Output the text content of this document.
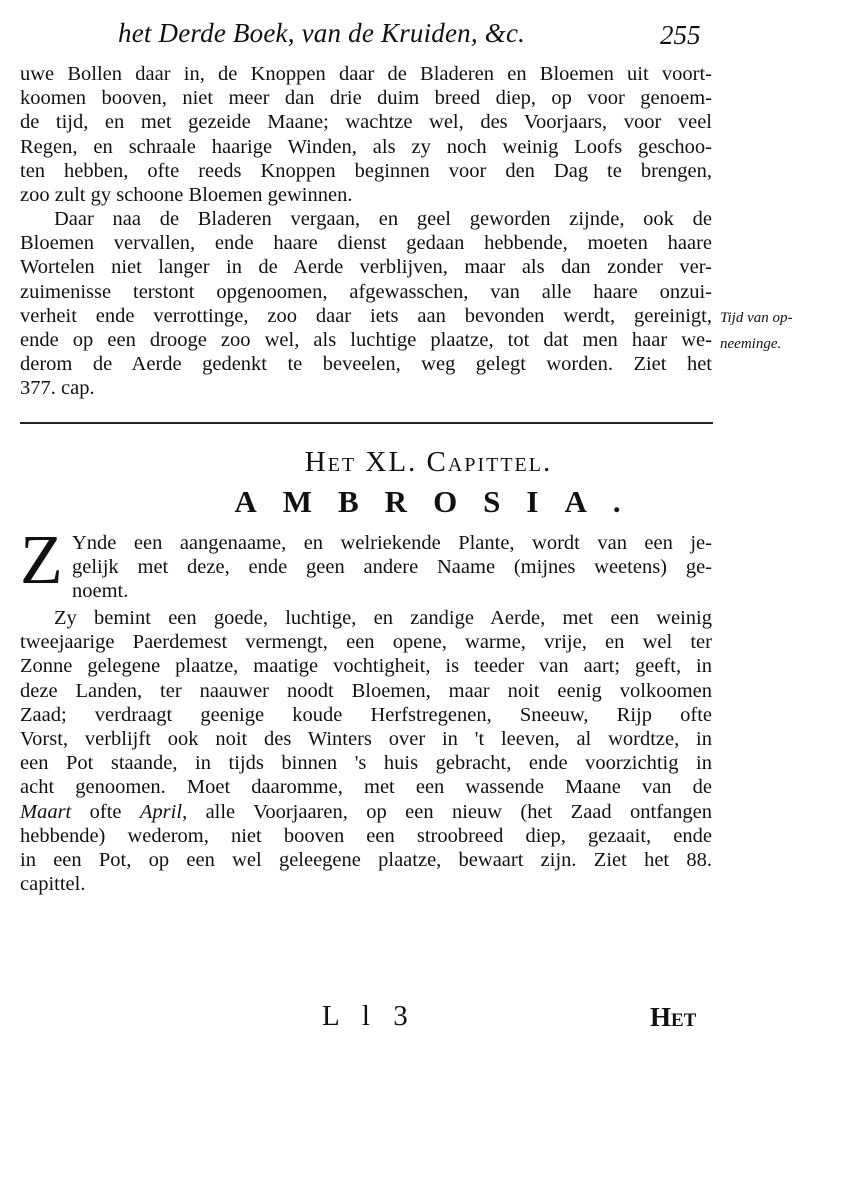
het Derde Boek, van de Kruiden, &c.	255
uwe Bollen daar in, de Knoppen daar de Bladeren en Bloemen uit voort-
koomen booven, niet meer dan drie duim breed diep, op voor genoem-
de tijd, en met gezeide Maane; wachtze wel, des Voorjaars, voor veel
Regen, en schraale haarige Winden, als zy noch weinig Loofs geschoo-
ten hebben, ofte reeds Knoppen beginnen voor den Dag te brengen,
zoo zult gy schoone Bloemen gewinnen.
Daar naa de Bladeren vergaan, en geel geworden zijnde, ook de
Bloemen vervallen, ende haare dienst gedaan hebbende, moeten haare
Wortelen niet langer in de Aerde verblijven, maar als dan zonder ver-
zuimenisse terstont opgenoomen, afgewasschen, van alle haare onzui-
verheit ende verrottinge, zoo daar iets aan bevonden werdt, gereinigt,
ende op een drooge zoo wel, als luchtige plaatze, tot dat men haar we-
derom de Aerde gedenkt te beveelen, weg gelegt worden. Ziet het
377. cap.
Tijd van op-
neeminge.
Het XL. Capittel.
AMBROSIA.
Z Ynde een aangenaame, en welriekende Plante, wordt van een je-
gelijk met deze, ende geen andere Naame (mijnes weetens) ge-
noemt.
Zy bemint een goede, luchtige, en zandige Aerde, met een weinig
tweejaarige Paerdemest vermengt, een opene, warme, vrije, en wel ter
Zonne gelegene plaatze, maatige vochtigheit, is teeder van aart; geeft, in
deze Landen, ter naauwer noodt Bloemen, maar noit eenig volkoomen
Zaad; verdraagt geenige koude Herfstregenen, Sneeuw, Rijp ofte
Vorst, verblijft ook noit des Winters over in 't leeven, al wordtze, in
een Pot staande, in tijds binnen 's huis gebracht, ende voorzichtig in
acht genoomen. Moet daaromme, met een wassende Maane van de
Maart ofte April, alle Voorjaaren, op een nieuw (het Zaad ontfangen
hebbende) wederom, niet booven een stroobreed diep, gezaait, ende
in een Pot, op een wel geleegene plaatze, bewaart zijn. Ziet het 88.
capittel.
L l 3	Het
